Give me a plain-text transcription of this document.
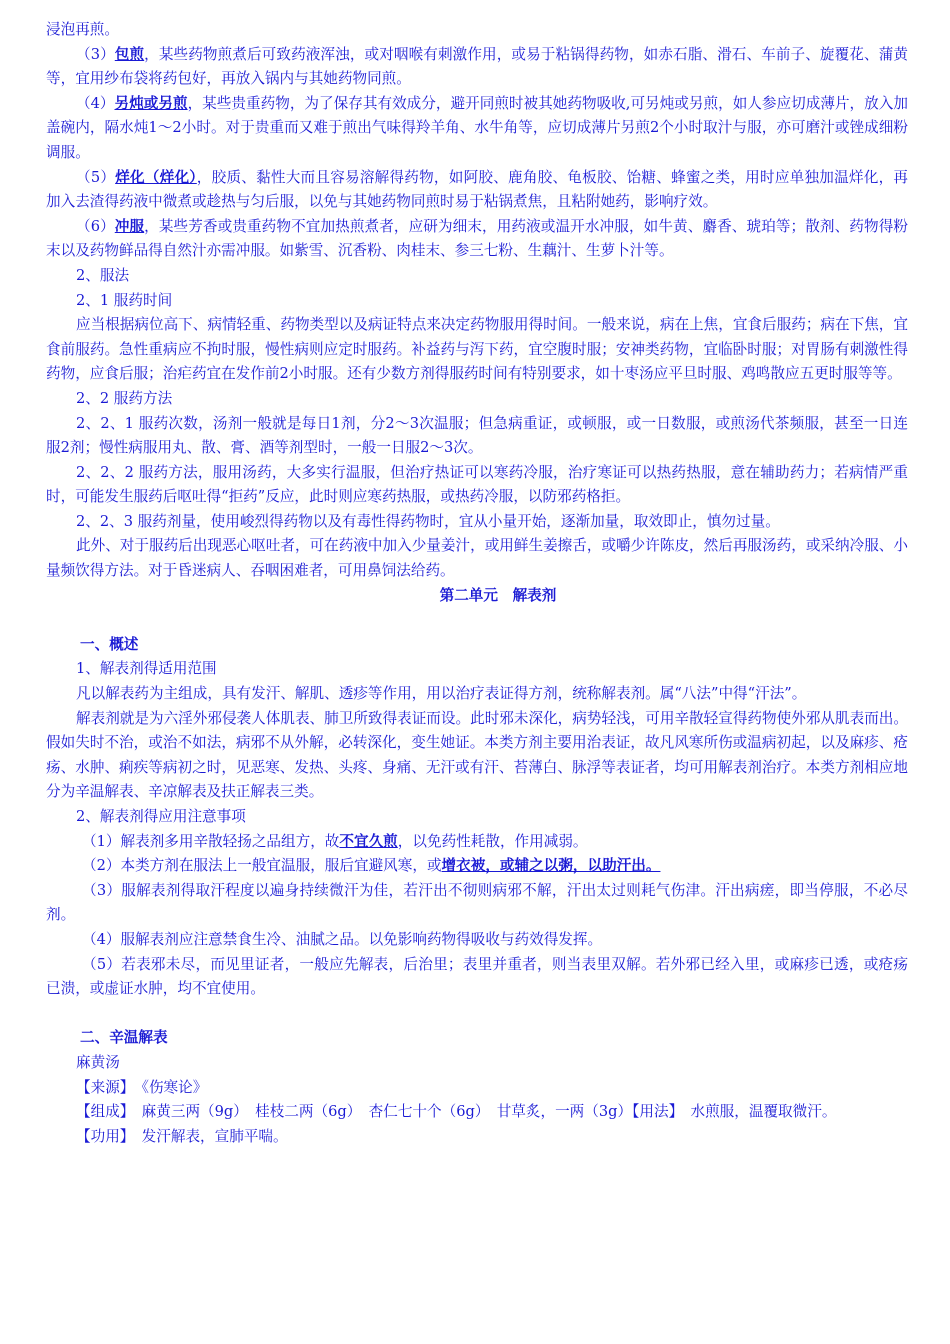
浸泡再煎。

（3）包煎，某些药物煎煮后可致药液浑浊，或对咽喉有刺激作用，或易于粘锅得药物，如赤石脂、滑石、车前子、旋覆花、蒲黄等，宜用纱布袋将药包好，再放入锅内与其她药物同煎。

（4）另炖或另煎，某些贵重药物，为了保存其有效成分，避开同煎时被其她药物吸收,可另炖或另煎，如人参应切成薄片，放入加盖碗内，隔水炖1～2小时。对于贵重而又难于煎出气味得羚羊角、水牛角等，应切成薄片另煎2个小时取汁与服，亦可磨汁或锉成细粉调服。

（5）烊化（烊化），胶质、黏性大而且容易溶解得药物，如阿胶、鹿角胶、龟板胶、饴糖、蜂蜜之类，用时应单独加温烊化，再加入去渣得药液中微煮或趁热与匀后服，以免与其她药物同煎时易于粘锅煮焦，且粘附她药，影响疗效。

（6）冲服，某些芳香或贵重药物不宜加热煎煮者，应研为细末，用药液或温开水冲服，如牛黄、麝香、琥珀等；散剂、药物得粉末以及药物鲜品得自然汁亦需冲服。如紫雪、沉香粉、肉桂末、参三七粉、生藕汁、生萝卜汁等。

2、服法

2、1 服药时间

应当根据病位高下、病情轻重、药物类型以及病证特点来决定药物服用得时间。一般来说，病在上焦，宜食后服药；病在下焦，宜食前服药。急性重病应不拘时服，慢性病则应定时服药。补益药与泻下药，宜空腹时服；安神类药物，宜临卧时服；对胃肠有刺激性得药物，应食后服；治疟药宜在发作前2小时服。还有少数方剂得服药时间有特别要求，如十枣汤应平旦时服、鸡鸣散应五更时服等等。

2、2 服药方法

2、2、1 服药次数，汤剂一般就是每日1剂，分2～3次温服；但急病重证，或顿服，或一日数服，或煎汤代茶频服，甚至一日连服2剂；慢性病服用丸、散、膏、酒等剂型时，一般一日服2～3次。

2、2、2 服药方法，服用汤药，大多实行温服，但治疗热证可以寒药冷服，治疗寒证可以热药热服，意在辅助药力；若病情严重时，可能发生服药后呕吐得“拒药”反应，此时则应寒药热服，或热药冷服，以防邪药格拒。

2、2、3 服药剂量，使用峻烈得药物以及有毒性得药物时，宜从小量开始，逐渐加量，取效即止，慎勿过量。

此外、对于服药后出现恶心呕吐者，可在药液中加入少量姜汁，或用鲜生姜擦舌，或嚼少许陈皮，然后再服汤药，或采纳冷服、小量频饮得方法。对于昏迷病人、吞咽困难者，可用鼻饲法给药。

第二单元　解表剂

一、概述

1、解表剂得适用范围

凡以解表药为主组成，具有发汗、解肌、透疹等作用，用以治疗表证得方剂，统称解表剂。属“八法”中得“汗法”。

解表剂就是为六淫外邪侵袭人体肌表、肺卫所致得表证而设。此时邪未深化，病势轻浅，可用辛散轻宣得药物使外邪从肌表而出。假如失时不治，或治不如法，病邪不从外解，必转深化，变生她证。本类方剂主要用治表证，故凡风寒所伤或温病初起，以及麻疹、疮疡、水肿、痢疾等病初之时，见恶寒、发热、头疼、身痛、无汗或有汗、苔薄白、脉浮等表证者，均可用解表剂治疗。本类方剂相应地分为辛温解表、辛凉解表及扶正解表三类。

2、解表剂得应用注意事项

（1）解表剂多用辛散轻扬之品组方，故不宜久煎，以免药性耗散，作用减弱。

（2）本类方剂在服法上一般宜温服，服后宜避风寒，或增衣被，或辅之以粥，以助汗出。

（3）服解表剂得取汗程度以遍身持续微汗为佳，若汗出不彻则病邪不解，汗出太过则耗气伤津。汗出病瘥，即当停服，不必尽剂。

（4）服解表剂应注意禁食生冷、油腻之品。以免影响药物得吸收与药效得发挥。

（5）若表邪未尽，而见里证者，一般应先解表，后治里；表里并重者，则当表里双解。若外邪已经入里，或麻疹已透，或疮疡已溃，或虚证水肿，均不宜使用。

二、辛温解表

麻黄汤

【来源】　《伤寒论》

【组成】　麻黄三两（9g）　桂枝二两（6g）　杏仁七十个（6g）　甘草炙，一两（3g）【用法】　水煎服，温覆取微汗。

【功用】　发汗解表，宣肺平喘。
